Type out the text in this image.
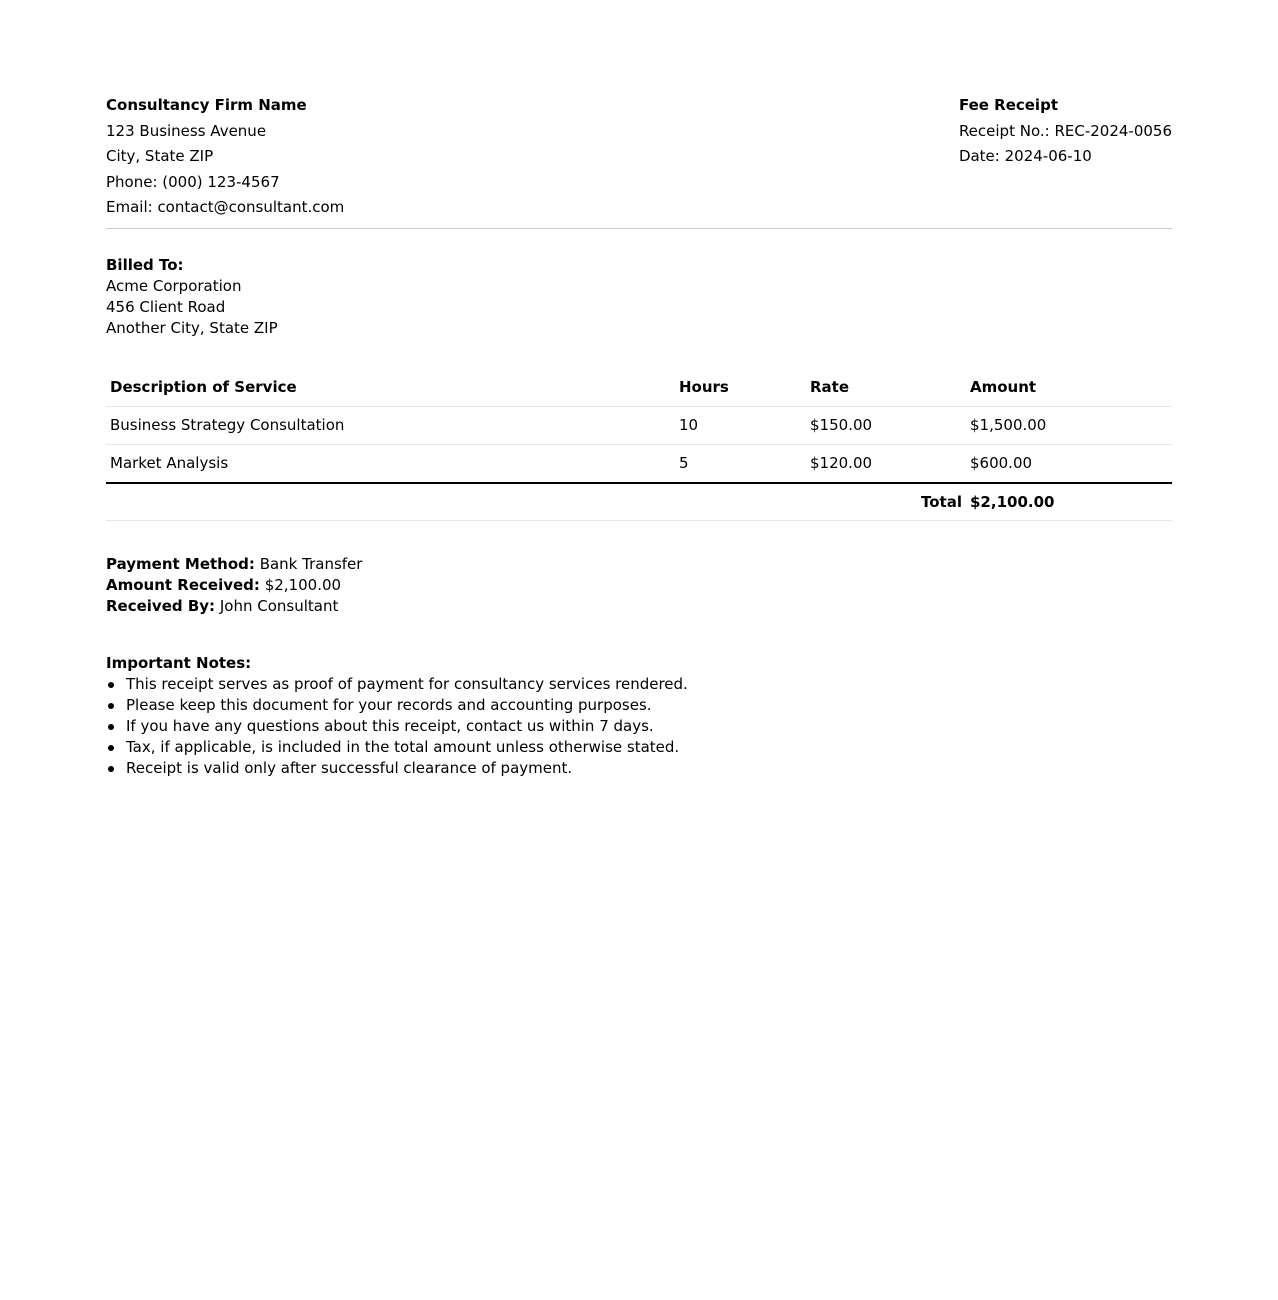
Consultancy Firm Name
123 Business Avenue
City, State ZIP
Phone: (000) 123-4567
Email: contact@consultant.com
Fee Receipt
Receipt No.: REC-2024-0056
Date: 2024-06-10
Billed To:
Acme Corporation
456 Client Road
Another City, State ZIP
Description of Service	Hours	Rate	Amount
Business Strategy Consultation	10	$150.00	$1,500.00
Market Analysis	5	$120.00	$600.00
Total			$2,100.00
Payment Method: Bank Transfer
Amount Received: $2,100.00
Received By: John Consultant
Important Notes:
This receipt serves as proof of payment for consultancy services rendered.
Please keep this document for your records and accounting purposes.
If you have any questions about this receipt, contact us within 7 days.
Tax, if applicable, is included in the total amount unless otherwise stated.
Receipt is valid only after successful clearance of payment.
